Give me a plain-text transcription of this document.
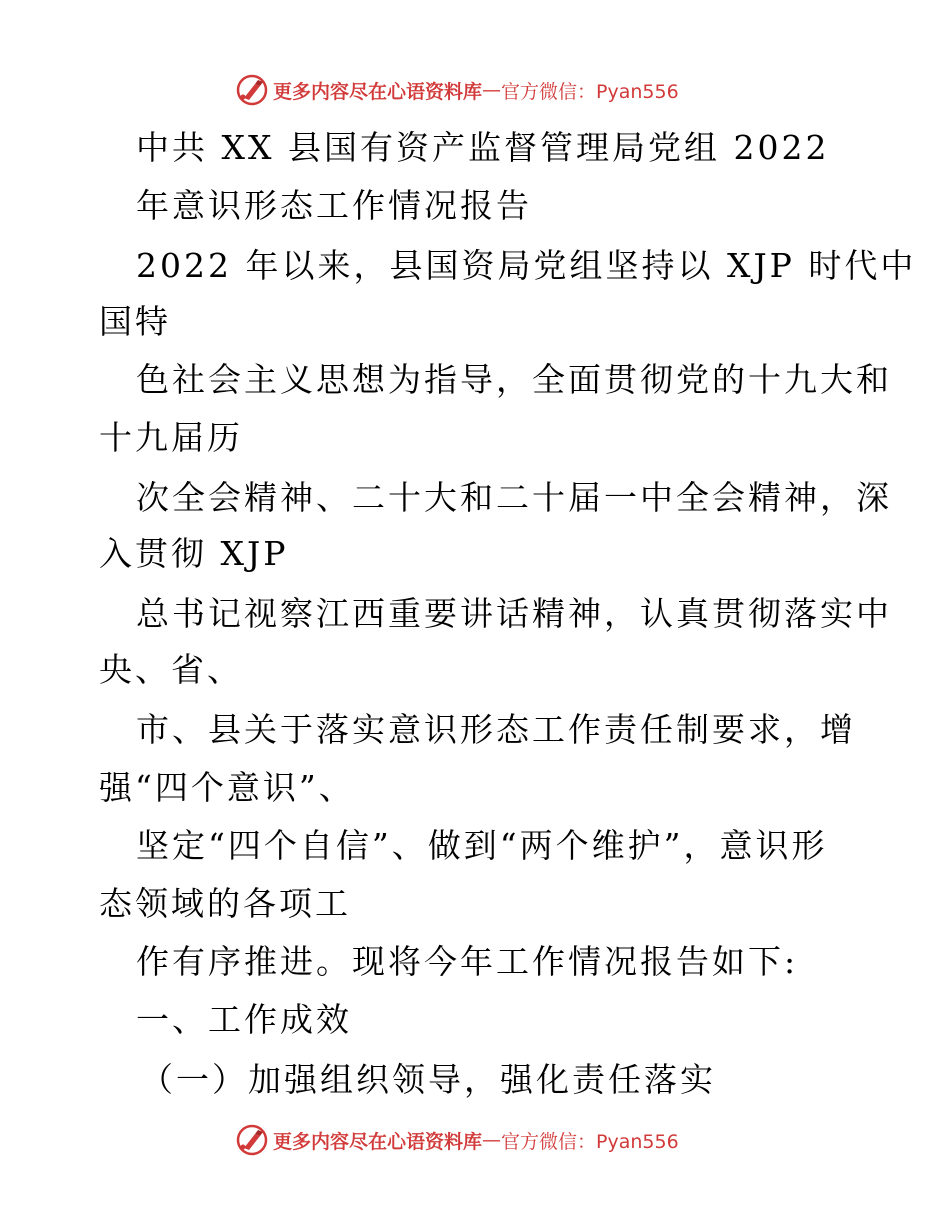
更多内容尽在心语资料库 — 官方微信：Pyan556
中共 XX 县国有资产监督管理局党组 2022
年意识形态工作情况报告
2022 年以来，县国资局党组坚持以 XJP 时代中
国特
色社会主义思想为指导，全面贯彻党的十九大和
十九届历
次全会精神、二十大和二十届一中全会精神，深
入贯彻 XJP
总书记视察江西重要讲话精神，认真贯彻落实中
央、省、
市、县关于落实意识形态工作责任制要求，增
强“四个意识”、
坚定“四个自信”、做到“两个维护”，意识形
态领域的各项工
作有序推进。现将今年工作情况报告如下:
一、工作成效
（一）加强组织领导，强化责任落实
更多内容尽在心语资料库 — 官方微信：Pyan556
